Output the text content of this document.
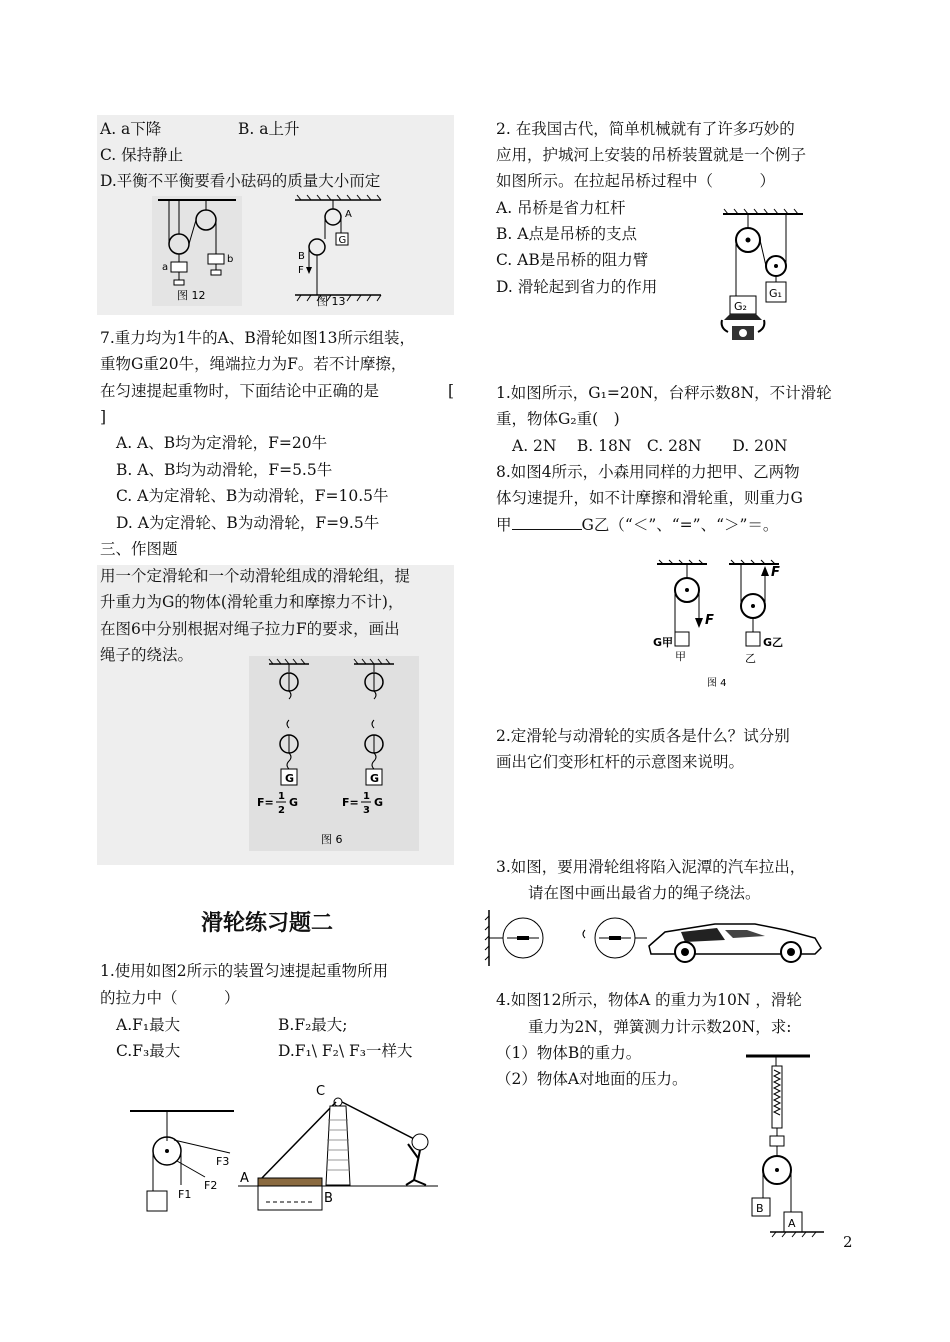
A. a下降	B. a上升
C. 保持静止
D.平衡不平衡要看小砝码的质量大小而定
a
b
图 12
G
A
B
F
图 13
7.重力均为1牛的A、B滑轮如图13所示组装，
重物G重20牛，绳端拉力为F。若不计摩擦，
在匀速提起重物时，下面结论中正确的是	[
]
A. A、B均为定滑轮，F=20牛
B. A、B均为动滑轮，F=5.5牛
C. A为定滑轮、B为动滑轮，F=10.5牛
D. A为定滑轮、B为动滑轮，F=9.5牛
三、作图题
用一个定滑轮和一个动滑轮组成的滑轮组，提
升重力为G的物体(滑轮重力和摩擦力不计)，
在图6中分别根据对绳子拉力F的要求，画出
绳子的绕法。
G
F= 1
2
G
G
F= 1
3
G
图 6
滑轮练习题二
1.使用如图2所示的装置匀速提起重物所用
的拉力中（　　　）
A.F₁最大	B.F₂最大;
C.F₃最大	D.F₁\ F₂\ F₃一样大
F1
F2
F3
C
A
B
2. 在我国古代，简单机械就有了许多巧妙的
应用，护城河上安装的吊桥装置就是一个例子
如图所示。在拉起吊桥过程中（　　　）
A. 吊桥是省力杠杆
B. A点是吊桥的支点
C. AB是吊桥的阻力臂
D. 滑轮起到省力的作用	G₁
G₂
1.如图所示，G₁=20N，台秤示数8N，不计滑轮
重，物体G₂重(　)
A. 2N　 B. 18N　C. 28N　　D. 20N
8.如图4所示，小森用同样的力把甲、乙两物
体匀速提升，如不计摩擦和滑轮重，则重力G
甲	G乙（“＜”、“=”、“＞”＝。
F
G甲
甲
F
G乙
乙
图 4
2.定滑轮与动滑轮的实质各是什么？试分别
画出它们变形杠杆的示意图来说明。
3.如图，要用滑轮组将陷入泥潭的汽车拉出，
请在图中画出最省力的绳子绕法。
4.如图12所示，物体A 的重力为10N ，滑轮
重力为2N，弹簧测力计示数20N，求:
（1）物体B的重力。
（2）物体A对地面的压力。
B
A
2
